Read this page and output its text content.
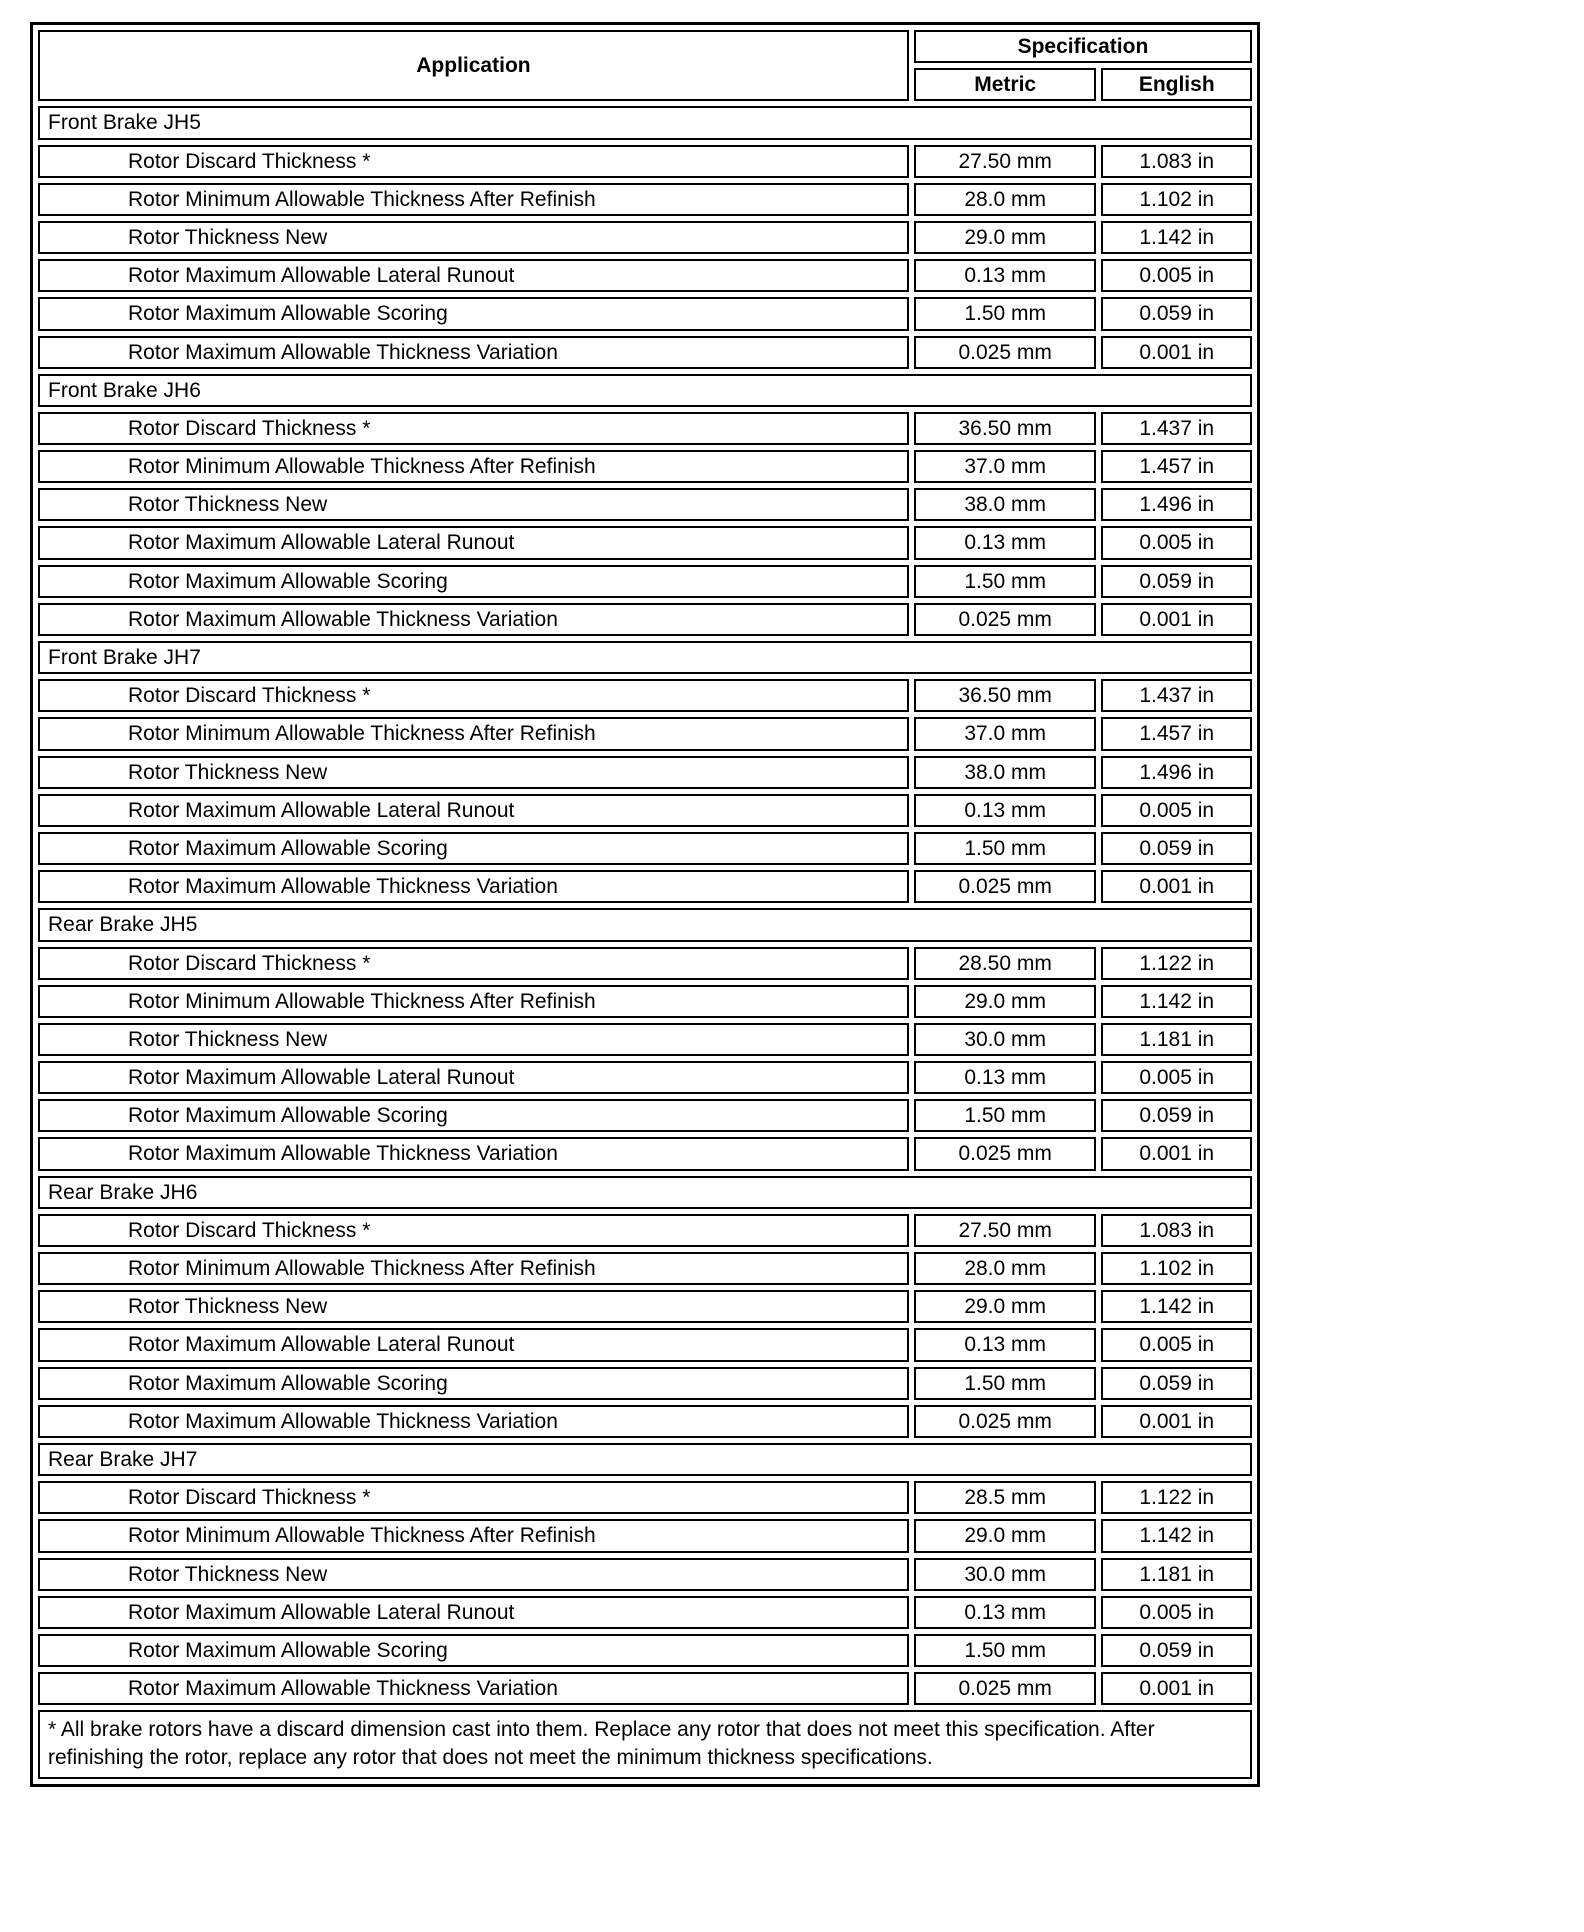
Application	Specification	
	Metric	English
Front Brake JH5		
Rotor Discard Thickness *	27.50 mm	1.083 in
Rotor Minimum Allowable Thickness After Refinish	28.0 mm	1.102 in
Rotor Thickness New	29.0 mm	1.142 in
Rotor Maximum Allowable Lateral Runout	0.13 mm	0.005 in
Rotor Maximum Allowable Scoring	1.50 mm	0.059 in
Rotor Maximum Allowable Thickness Variation	0.025 mm	0.001 in
Front Brake JH6		
Rotor Discard Thickness *	36.50 mm	1.437 in
Rotor Minimum Allowable Thickness After Refinish	37.0 mm	1.457 in
Rotor Thickness New	38.0 mm	1.496 in
Rotor Maximum Allowable Lateral Runout	0.13 mm	0.005 in
Rotor Maximum Allowable Scoring	1.50 mm	0.059 in
Rotor Maximum Allowable Thickness Variation	0.025 mm	0.001 in
Front Brake JH7		
Rotor Discard Thickness *	36.50 mm	1.437 in
Rotor Minimum Allowable Thickness After Refinish	37.0 mm	1.457 in
Rotor Thickness New	38.0 mm	1.496 in
Rotor Maximum Allowable Lateral Runout	0.13 mm	0.005 in
Rotor Maximum Allowable Scoring	1.50 mm	0.059 in
Rotor Maximum Allowable Thickness Variation	0.025 mm	0.001 in
Rear Brake JH5		
Rotor Discard Thickness *	28.50 mm	1.122 in
Rotor Minimum Allowable Thickness After Refinish	29.0 mm	1.142 in
Rotor Thickness New	30.0 mm	1.181 in
Rotor Maximum Allowable Lateral Runout	0.13 mm	0.005 in
Rotor Maximum Allowable Scoring	1.50 mm	0.059 in
Rotor Maximum Allowable Thickness Variation	0.025 mm	0.001 in
Rear Brake JH6		
Rotor Discard Thickness *	27.50 mm	1.083 in
Rotor Minimum Allowable Thickness After Refinish	28.0 mm	1.102 in
Rotor Thickness New	29.0 mm	1.142 in
Rotor Maximum Allowable Lateral Runout	0.13 mm	0.005 in
Rotor Maximum Allowable Scoring	1.50 mm	0.059 in
Rotor Maximum Allowable Thickness Variation	0.025 mm	0.001 in
Rear Brake JH7		
Rotor Discard Thickness *	28.5 mm	1.122 in
Rotor Minimum Allowable Thickness After Refinish	29.0 mm	1.142 in
Rotor Thickness New	30.0 mm	1.181 in
Rotor Maximum Allowable Lateral Runout	0.13 mm	0.005 in
Rotor Maximum Allowable Scoring	1.50 mm	0.059 in
Rotor Maximum Allowable Thickness Variation	0.025 mm	0.001 in
* All brake rotors have a discard dimension cast into them. Replace any rotor that does not meet this specification. After refinishing the rotor, replace any rotor that does not meet the minimum thickness specifications.		
